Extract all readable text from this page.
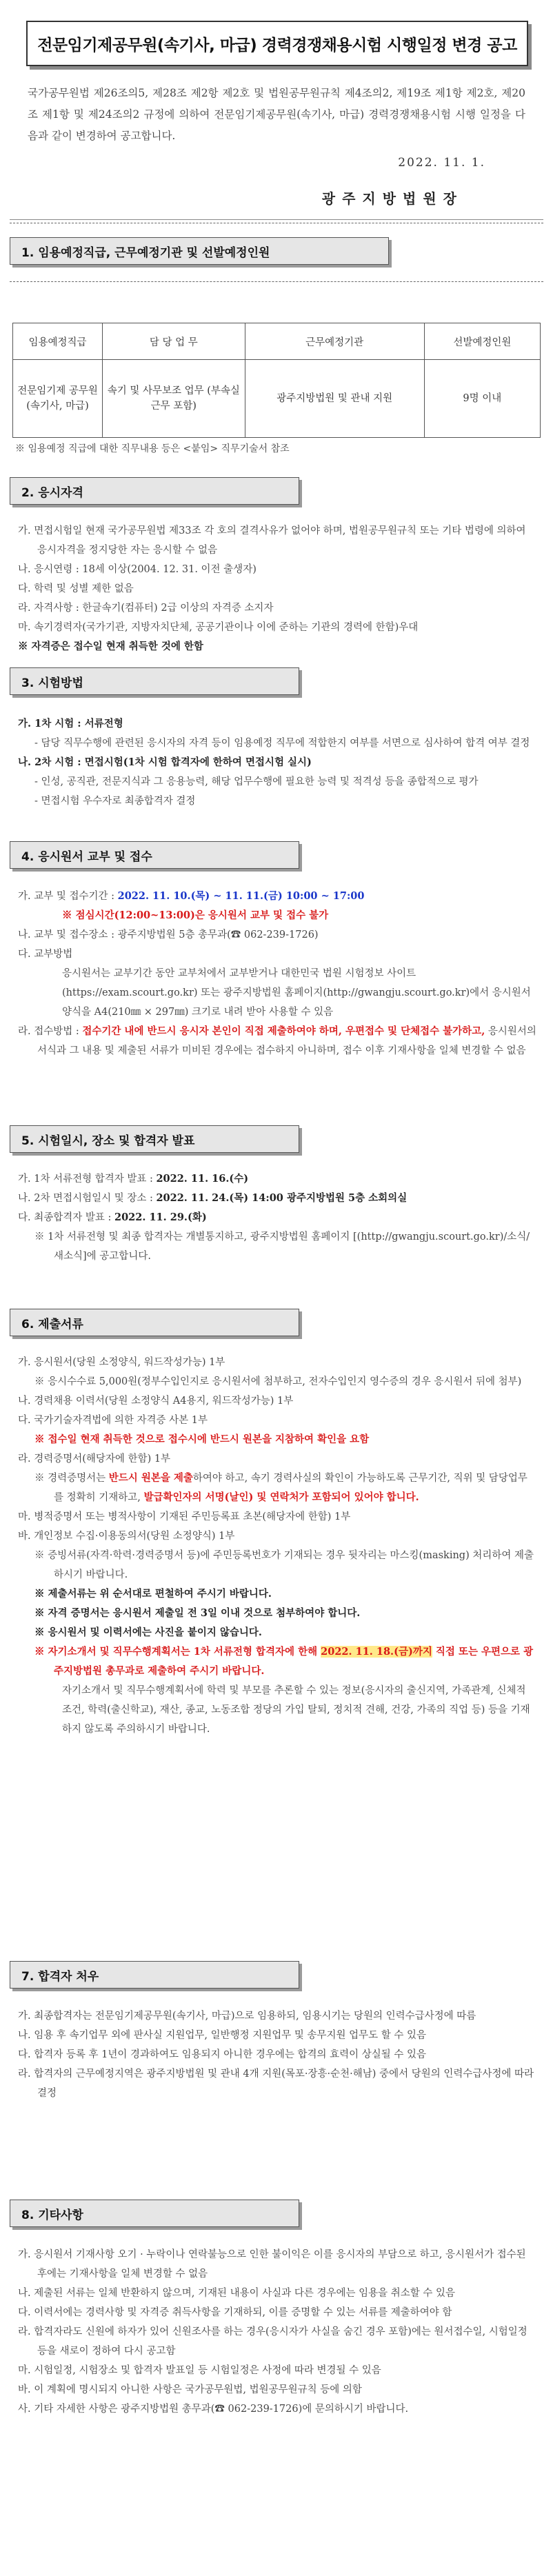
전문임기제공무원(속기사, 마급) 경력경쟁채용시험 시행일정 변경 공고
국가공무원법 제26조의5, 제28조 제2항 제2호 및 법원공무원규칙 제4조의2, 제19조 제1항 제2호, 제20조 제1항 및 제24조의2 규정에 의하여 전문임기제공무원(속기사, 마급) 경력경쟁채용시험 시행 일정을 다음과 같이 변경하여 공고합니다.
2022. 11. 1.
광주지방법원장
1. 임용예정직급, 근무예정기관 및 선발예정인원
임용예정직급	담 당 업 무	근무예정기관	선발예정인원
전문임기제 공무원 (속기사, 마급)	속기 및 사무보조 업무 (부속실 근무 포함)	광주지방법원 및 관내 지원	9명 이내
※ 임용예정 직급에 대한 직무내용 등은 <붙임> 직무기술서 참조
2. 응시자격

가. 면접시험일 현재 국가공무원법 제33조 각 호의 결격사유가 없어야 하며, 법원공무원규칙 또는 기타 법령에 의하여 응시자격을 정지당한 자는 응시할 수 없음

나. 응시연령 : 18세 이상(2004. 12. 31. 이전 출생자)

다. 학력 및 성별 제한 없음

라. 자격사항 : 한글속기(컴퓨터) 2급 이상의 자격증 소지자

마. 속기경력자(국가기관, 지방자치단체, 공공기관이나 이에 준하는 기관의 경력에 한함)우대

※ 자격증은 접수일 현재 취득한 것에 한함

3. 시험방법

가. 1차 시험 : 서류전형

- 담당 직무수행에 관련된 응시자의 자격 등이 임용예정 직무에 적합한지 여부를 서면으로 심사하여 합격 여부 결정

나. 2차 시험 : 면접시험(1차 시험 합격자에 한하여 면접시험 실시)

- 인성, 공직관, 전문지식과 그 응용능력, 해당 업무수행에 필요한 능력 및 적격성 등을 종합적으로 평가

- 면접시험 우수자로 최종합격자 결정

4. 응시원서 교부 및 접수

가. 교부 및 접수기간 : 2022. 11. 10.(목) ~ 11. 11.(금) 10:00 ~ 17:00

※ 점심시간(12:00~13:00)은 응시원서 교부 및 접수 불가

나. 교부 및 접수장소 : 광주지방법원 5층 총무과(☎ 062-239-1726)

다. 교부방법

응시원서는 교부기간 동안 교부처에서 교부받거나 대한민국 법원 시험정보 사이트(https://exam.scourt.go.kr) 또는 광주지방법원 홈페이지(http://gwangju.scourt.go.kr)에서 응시원서 양식을 A4(210㎜ × 297㎜) 크기로 내려 받아 사용할 수 있음

라. 접수방법 : 접수기간 내에 반드시 응시자 본인이 직접 제출하여야 하며, 우편접수 및 단체접수 불가하고, 응시원서의 서식과 그 내용 및 제출된 서류가 미비된 경우에는 접수하지 아니하며, 접수 이후 기재사항을 일체 변경할 수 없음

5. 시험일시, 장소 및 합격자 발표

가. 1차 서류전형 합격자 발표 : 2022. 11. 16.(수)

나. 2차 면접시험일시 및 장소 : 2022. 11. 24.(목) 14:00 광주지방법원 5층 소회의실

다. 최종합격자 발표 : 2022. 11. 29.(화)

※ 1차 서류전형 및 최종 합격자는 개별통지하고, 광주지방법원 홈페이지 [(http://gwangju.scourt.go.kr)/소식/새소식]에 공고합니다.

6. 제출서류

가. 응시원서(당원 소정양식, 워드작성가능) 1부

※ 응시수수료 5,000원(정부수입인지로 응시원서에 첨부하고, 전자수입인지 영수증의 경우 응시원서 뒤에 첨부)

나. 경력채용 이력서(당원 소정양식 A4용지, 워드작성가능) 1부

다. 국가기술자격법에 의한 자격증 사본 1부

※ 접수일 현재 취득한 것으로 접수시에 반드시 원본을 지참하여 확인을 요함

라. 경력증명서(해당자에 한함) 1부

※ 경력증명서는 반드시 원본을 제출하여야 하고, 속기 경력사실의 확인이 가능하도록 근무기간, 직위 및 담당업무를 정확히 기재하고, 발급확인자의 서명(날인) 및 연락처가 포함되어 있어야 합니다.

마. 병적증명서 또는 병적사항이 기재된 주민등록표 초본(해당자에 한함) 1부

바. 개인정보 수집·이용동의서(당원 소정양식) 1부

※ 증빙서류(자격·학력·경력증명서 등)에 주민등록번호가 기재되는 경우 뒷자리는 마스킹(masking) 처리하여 제출하시기 바랍니다.

※ 제출서류는 위 순서대로 편철하여 주시기 바랍니다.

※ 자격 증명서는 응시원서 제출일 전 3일 이내 것으로 첨부하여야 합니다.

※ 응시원서 및 이력서에는 사진을 붙이지 않습니다.

※ 자기소개서 및 직무수행계획서는 1차 서류전형 합격자에 한해 2022. 11. 18.(금)까지 직접 또는 우편으로 광주지방법원 총무과로 제출하여 주시기 바랍니다.

자기소개서 및 직무수행계획서에 학력 및 부모를 추론할 수 있는 정보(응시자의 출신지역, 가족관계, 신체적 조건, 학력(출신학교), 재산, 종교, 노동조합 정당의 가입 탈퇴, 정치적 견해, 건강, 가족의 직업 등) 등을 기재하지 않도록 주의하시기 바랍니다.

7. 합격자 처우

가. 최종합격자는 전문임기제공무원(속기사, 마급)으로 임용하되, 임용시기는 당원의 인력수급사정에 따름

나. 임용 후 속기업무 외에 판사실 지원업무, 일반행정 지원업무 및 송무지원 업무도 할 수 있음

다. 합격자 등록 후 1년이 경과하여도 임용되지 아니한 경우에는 합격의 효력이 상실될 수 있음

라. 합격자의 근무예정지역은 광주지방법원 및 관내 4개 지원(목포·장흥·순천·해남) 중에서 당원의 인력수급사정에 따라 결정

8. 기타사항

가. 응시원서 기재사항 오기 · 누락이나 연락불능으로 인한 불이익은 이를 응시자의 부담으로 하고, 응시원서가 접수된 후에는 기재사항을 일체 변경할 수 없음

나. 제출된 서류는 일체 반환하지 않으며, 기재된 내용이 사실과 다른 경우에는 임용을 취소할 수 있음

다. 이력서에는 경력사항 및 자격증 취득사항을 기재하되, 이를 증명할 수 있는 서류를 제출하여야 함

라. 합격자라도 신원에 하자가 있어 신원조사를 하는 경우(응시자가 사실을 숨긴 경우 포함)에는 원서접수일, 시험일정 등을 새로이 정하여 다시 공고함

마. 시험일정, 시험장소 및 합격자 발표일 등 시험일정은 사정에 따라 변경될 수 있음

바. 이 계획에 명시되지 아니한 사항은 국가공무원법, 법원공무원규칙 등에 의함

사. 기타 자세한 사항은 광주지방법원 총무과(☎ 062-239-1726)에 문의하시기 바랍니다.
